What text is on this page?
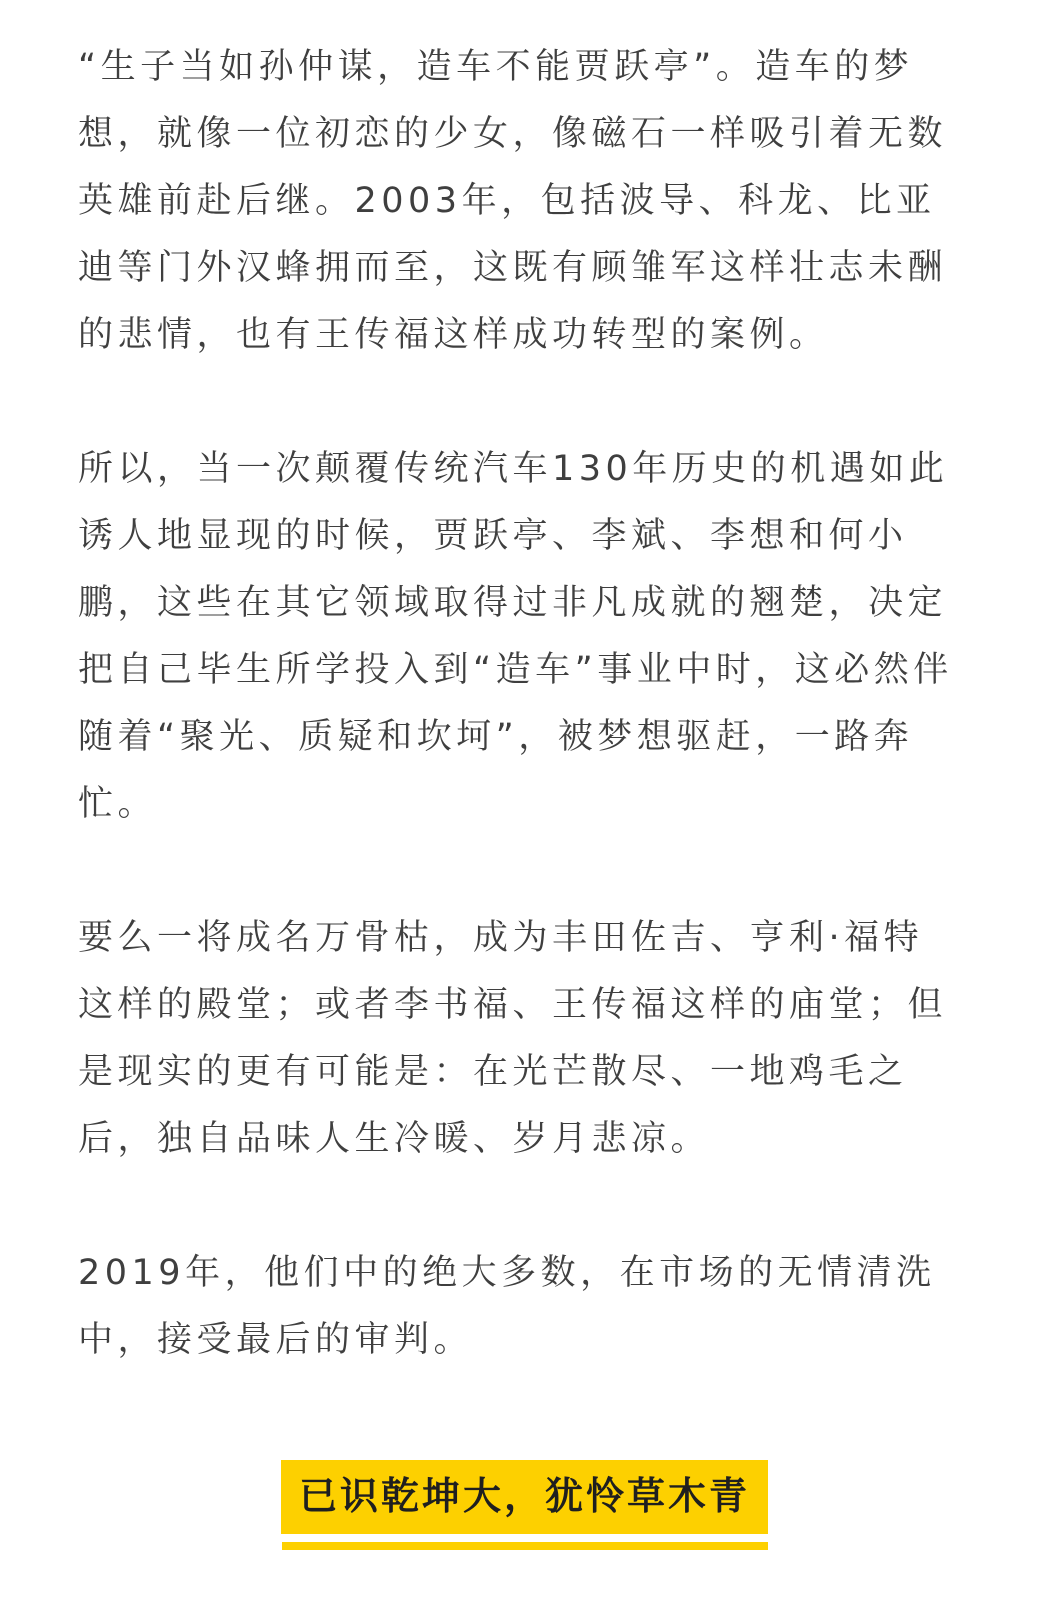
“生子当如孙仲谋，造车不能贾跃亭”。造车的梦
想，就像一位初恋的少女，像磁石一样吸引着无数
英雄前赴后继。2003年，包括波导、科龙、比亚
迪等门外汉蜂拥而至，这既有顾雏军这样壮志未酬
的悲情，也有王传福这样成功转型的案例。

所以，当一次颠覆传统汽车130年历史的机遇如此
诱人地显现的时候，贾跃亭、李斌、李想和何小
鹏，这些在其它领域取得过非凡成就的翘楚，决定
把自己毕生所学投入到“造车”事业中时，这必然伴
随着“聚光、质疑和坎坷”，被梦想驱赶，一路奔
忙。

要么一将成名万骨枯，成为丰田佐吉、亨利·福特
这样的殿堂；或者李书福、王传福这样的庙堂；但
是现实的更有可能是：在光芒散尽、一地鸡毛之
后，独自品味人生冷暖、岁月悲凉。

2019年，他们中的绝大多数，在市场的无情清洗
中，接受最后的审判。

已识乾坤大，犹怜草木青
